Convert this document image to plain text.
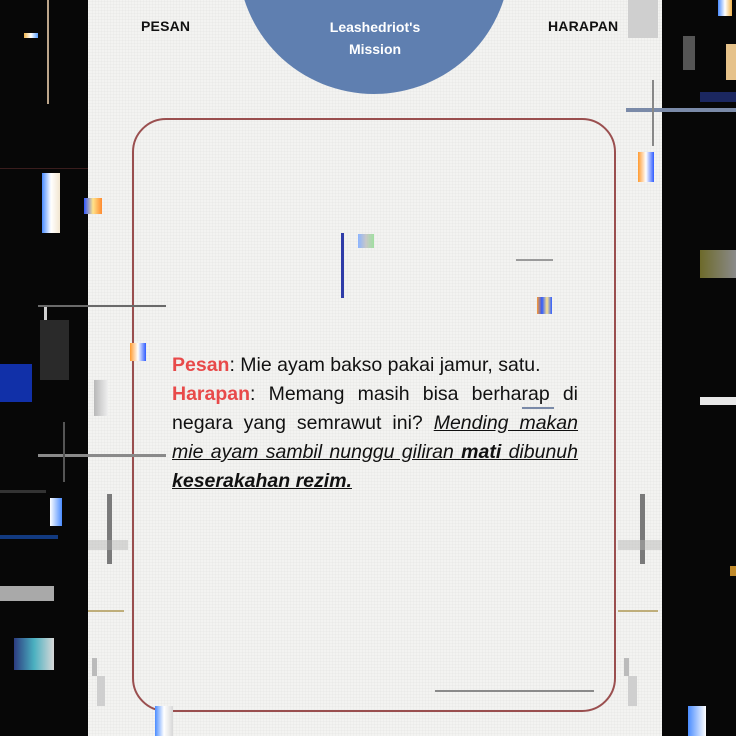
Leashedriot's
Mission
PESAN	HARAPAN
Pesan: Mie ayam bakso pakai jamur, satu.
Harapan: Memang masih bisa berharap di negara yang semrawut ini? Mending makan mie ayam sambil nunggu giliran mati dibunuh keserakahan rezim.
